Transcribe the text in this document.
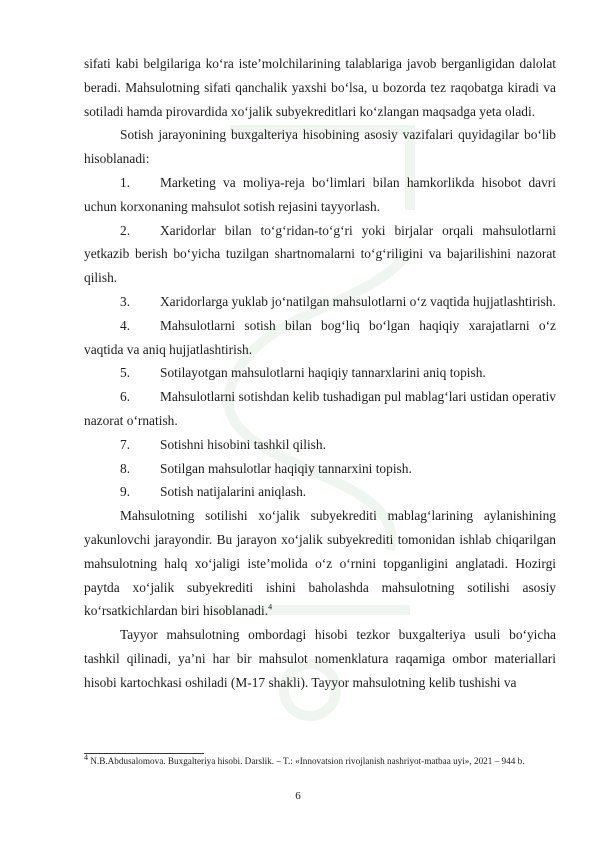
sifati kabi belgilariga ko‘ra iste’molchilarining talablariga javob berganligidan dalolat beradi. Mahsulotning sifati qanchalik yaxshi bo‘lsa, u bozorda tez raqobatga kiradi va sotiladi hamda pirovardida xo‘jalik subyekreditlari ko‘zlangan maqsadga yeta oladi.

Sotish jarayonining buxgalteriya hisobining asosiy vazifalari quyidagilar bo‘lib hisoblanadi:

1. Marketing va moliya-reja bo‘limlari bilan hamkorlikda hisobot davri uchun korxonaning mahsulot sotish rejasini tayyorlash.
2. Xaridorlar bilan to‘g‘ridan-to‘g‘ri yoki birjalar orqali mahsulotlarni yetkazib berish bo‘yicha tuzilgan shartnomalarni to‘g‘riligini va bajarilishini nazorat qilish.
3. Xaridorlarga yuklab jo‘natilgan mahsulotlarni o‘z vaqtida hujjatlashtirish.
4. Mahsulotlarni sotish bilan bog‘liq bo‘lgan haqiqiy xarajatlarni o‘z vaqtida va aniq hujjatlashtirish.
5. Sotilayotgan mahsulotlarni haqiqiy tannarxlarini aniq topish.
6. Mahsulotlarni sotishdan kelib tushadigan pul mablag‘lari ustidan operativ nazorat o‘rnatish.
7. Sotishni hisobini tashkil qilish.
8. Sotilgan mahsulotlar haqiqiy tannarxini topish.
9. Sotish natijalarini aniqlash.

Mahsulotning sotilishi xo‘jalik subyekrediti mablag‘larining aylanishining yakunlovchi jarayondir. Bu jarayon xo‘jalik subyekrediti tomonidan ishlab chiqarilgan mahsulotning halq xo‘jaligi iste’molida o‘z o‘rnini topganligini anglatadi. Hozirgi paytda xo‘jalik subyekrediti ishini baholashda mahsulotning sotilishi asosiy ko‘rsatkichlardan biri hisoblanadi.$^4$

Tayyor mahsulotning ombordagi hisobi tezkor buxgalteriya usuli bo‘yicha tashkil qilinadi, ya’ni har bir mahsulot nomenklatura raqamiga ombor materiallari hisobi kartochkasi oshiladi (M-17 shakli). Tayyor mahsulotning kelib tushishi va

$^4$ N.B.Abdusalomova. Buxgalteriya hisobi. Darslik. – T.: «Innovatsion rivojlanish nashriyot-matbaa uyi», 2021 – 944 b.
6
